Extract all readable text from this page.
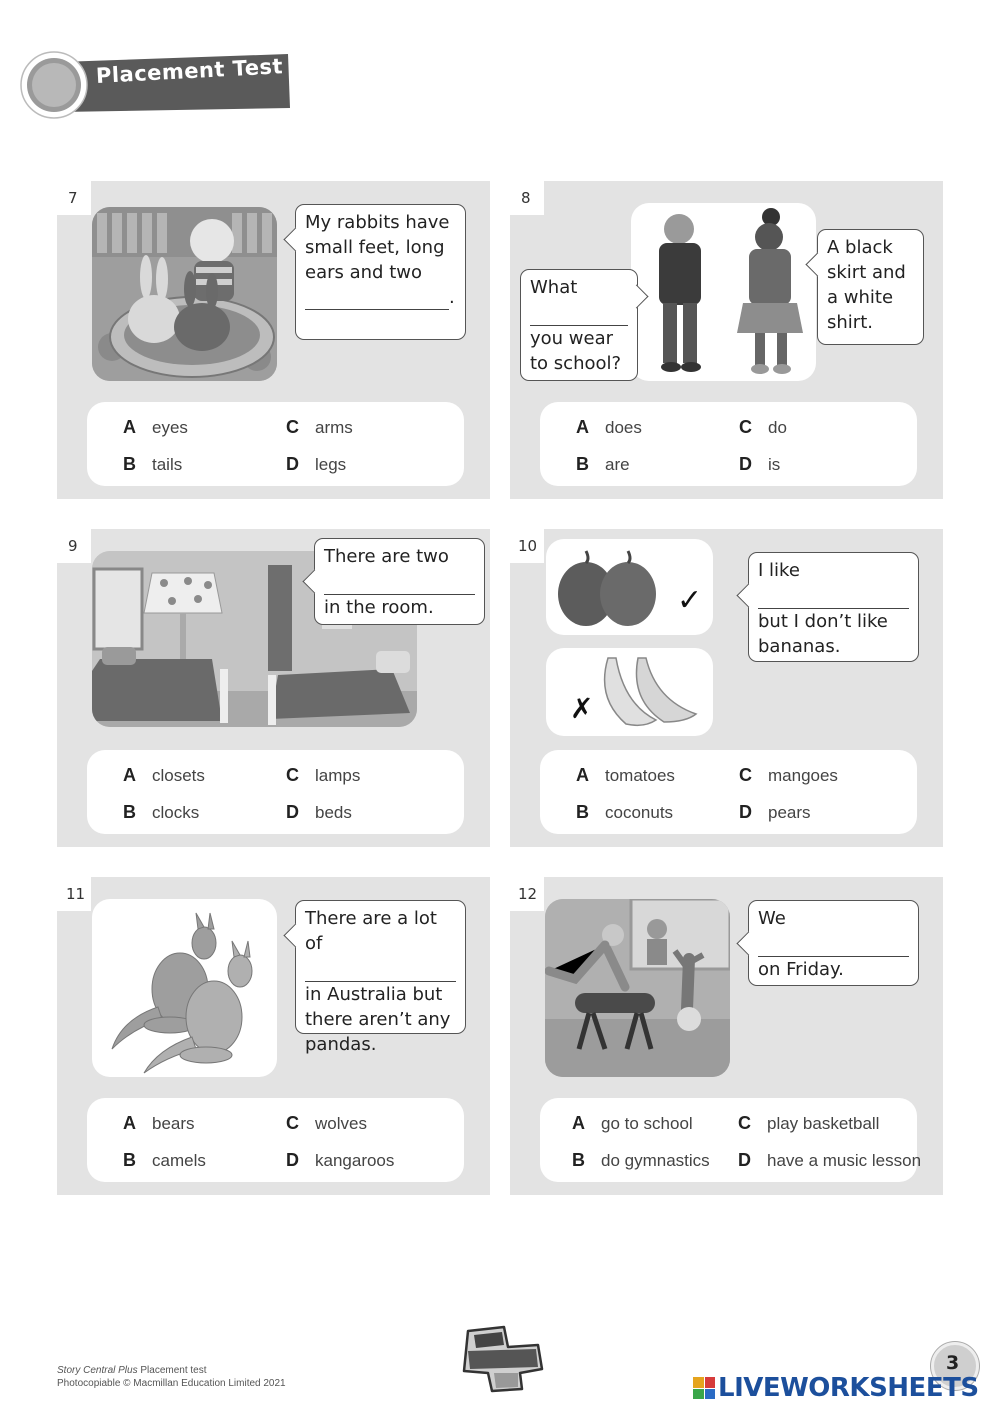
Placement Test
7
My rabbits have
small feet, long
ears and two
.
A eyes
B tails
C arms
D legs
8
What
you wear
to school?
A black
skirt and
a white
shirt.
A does
B are
C do
D is
9	There are two
in the room.
A closets
B clocks
C lamps
D beds
10
✓
✗
I like
but I don’t like
bananas.
A tomatoes
B coconuts
C mangoes
D pears
11
There are a lot of
in Australia but
there aren’t any
pandas.
A bears
B camels
C wolves
D kangaroos
12
We
on Friday.
A go to school
B do gymnastics
C play basketball
D have a music lesson
Story Central Plus Placement test
Photocopiable © Macmillan Education Limited 2021
3
LIVEWORKSHEETS
